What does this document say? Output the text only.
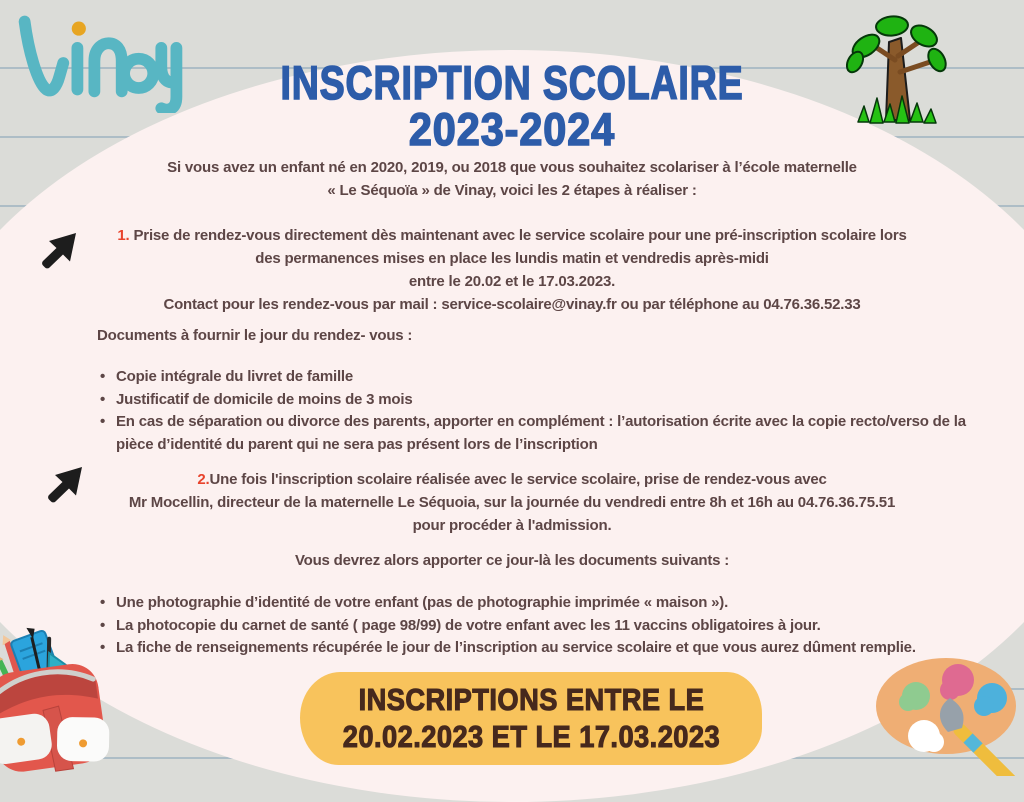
INSCRIPTION SCOLAIRE
2023-2024
Si vous avez un enfant né en 2020, 2019, ou 2018 que vous souhaitez scolariser à l’école maternelle
« Le Séquoïa » de Vinay, voici les 2 étapes à réaliser :
1. Prise de rendez-vous directement dès maintenant avec le service scolaire pour une pré-inscription scolaire lors
des permanences mises en place les lundis matin et vendredis après-midi
entre le 20.02 et le 17.03.2023.
Contact pour les rendez-vous par mail : service-scolaire@vinay.fr ou par téléphone au 04.76.36.52.33
Documents à fournir le jour du rendez- vous :
• Copie intégrale du livret de famille
• Justificatif de domicile de moins de 3 mois
• En cas de séparation ou divorce des parents, apporter en complément : l’autorisation écrite avec la copie recto/verso de la pièce d’identité du parent qui ne sera pas présent lors de l’inscription
2.Une fois l'inscription scolaire réalisée avec le service scolaire, prise de rendez-vous avec
Mr Mocellin, directeur de la maternelle Le Séquoia, sur la journée du vendredi entre 8h et 16h au 04.76.36.75.51
pour procéder à l'admission.
Vous devrez alors apporter ce jour-là les documents suivants :
• Une photographie d’identité de votre enfant (pas de photographie imprimée « maison »).
• La photocopie du carnet de santé ( page 98/99) de votre enfant avec les 11 vaccins obligatoires à jour.
• La fiche de renseignements récupérée le jour de l’inscription au service scolaire et que vous aurez dûment remplie.
INSCRIPTIONS ENTRE LE
20.02.2023 ET LE 17.03.2023
